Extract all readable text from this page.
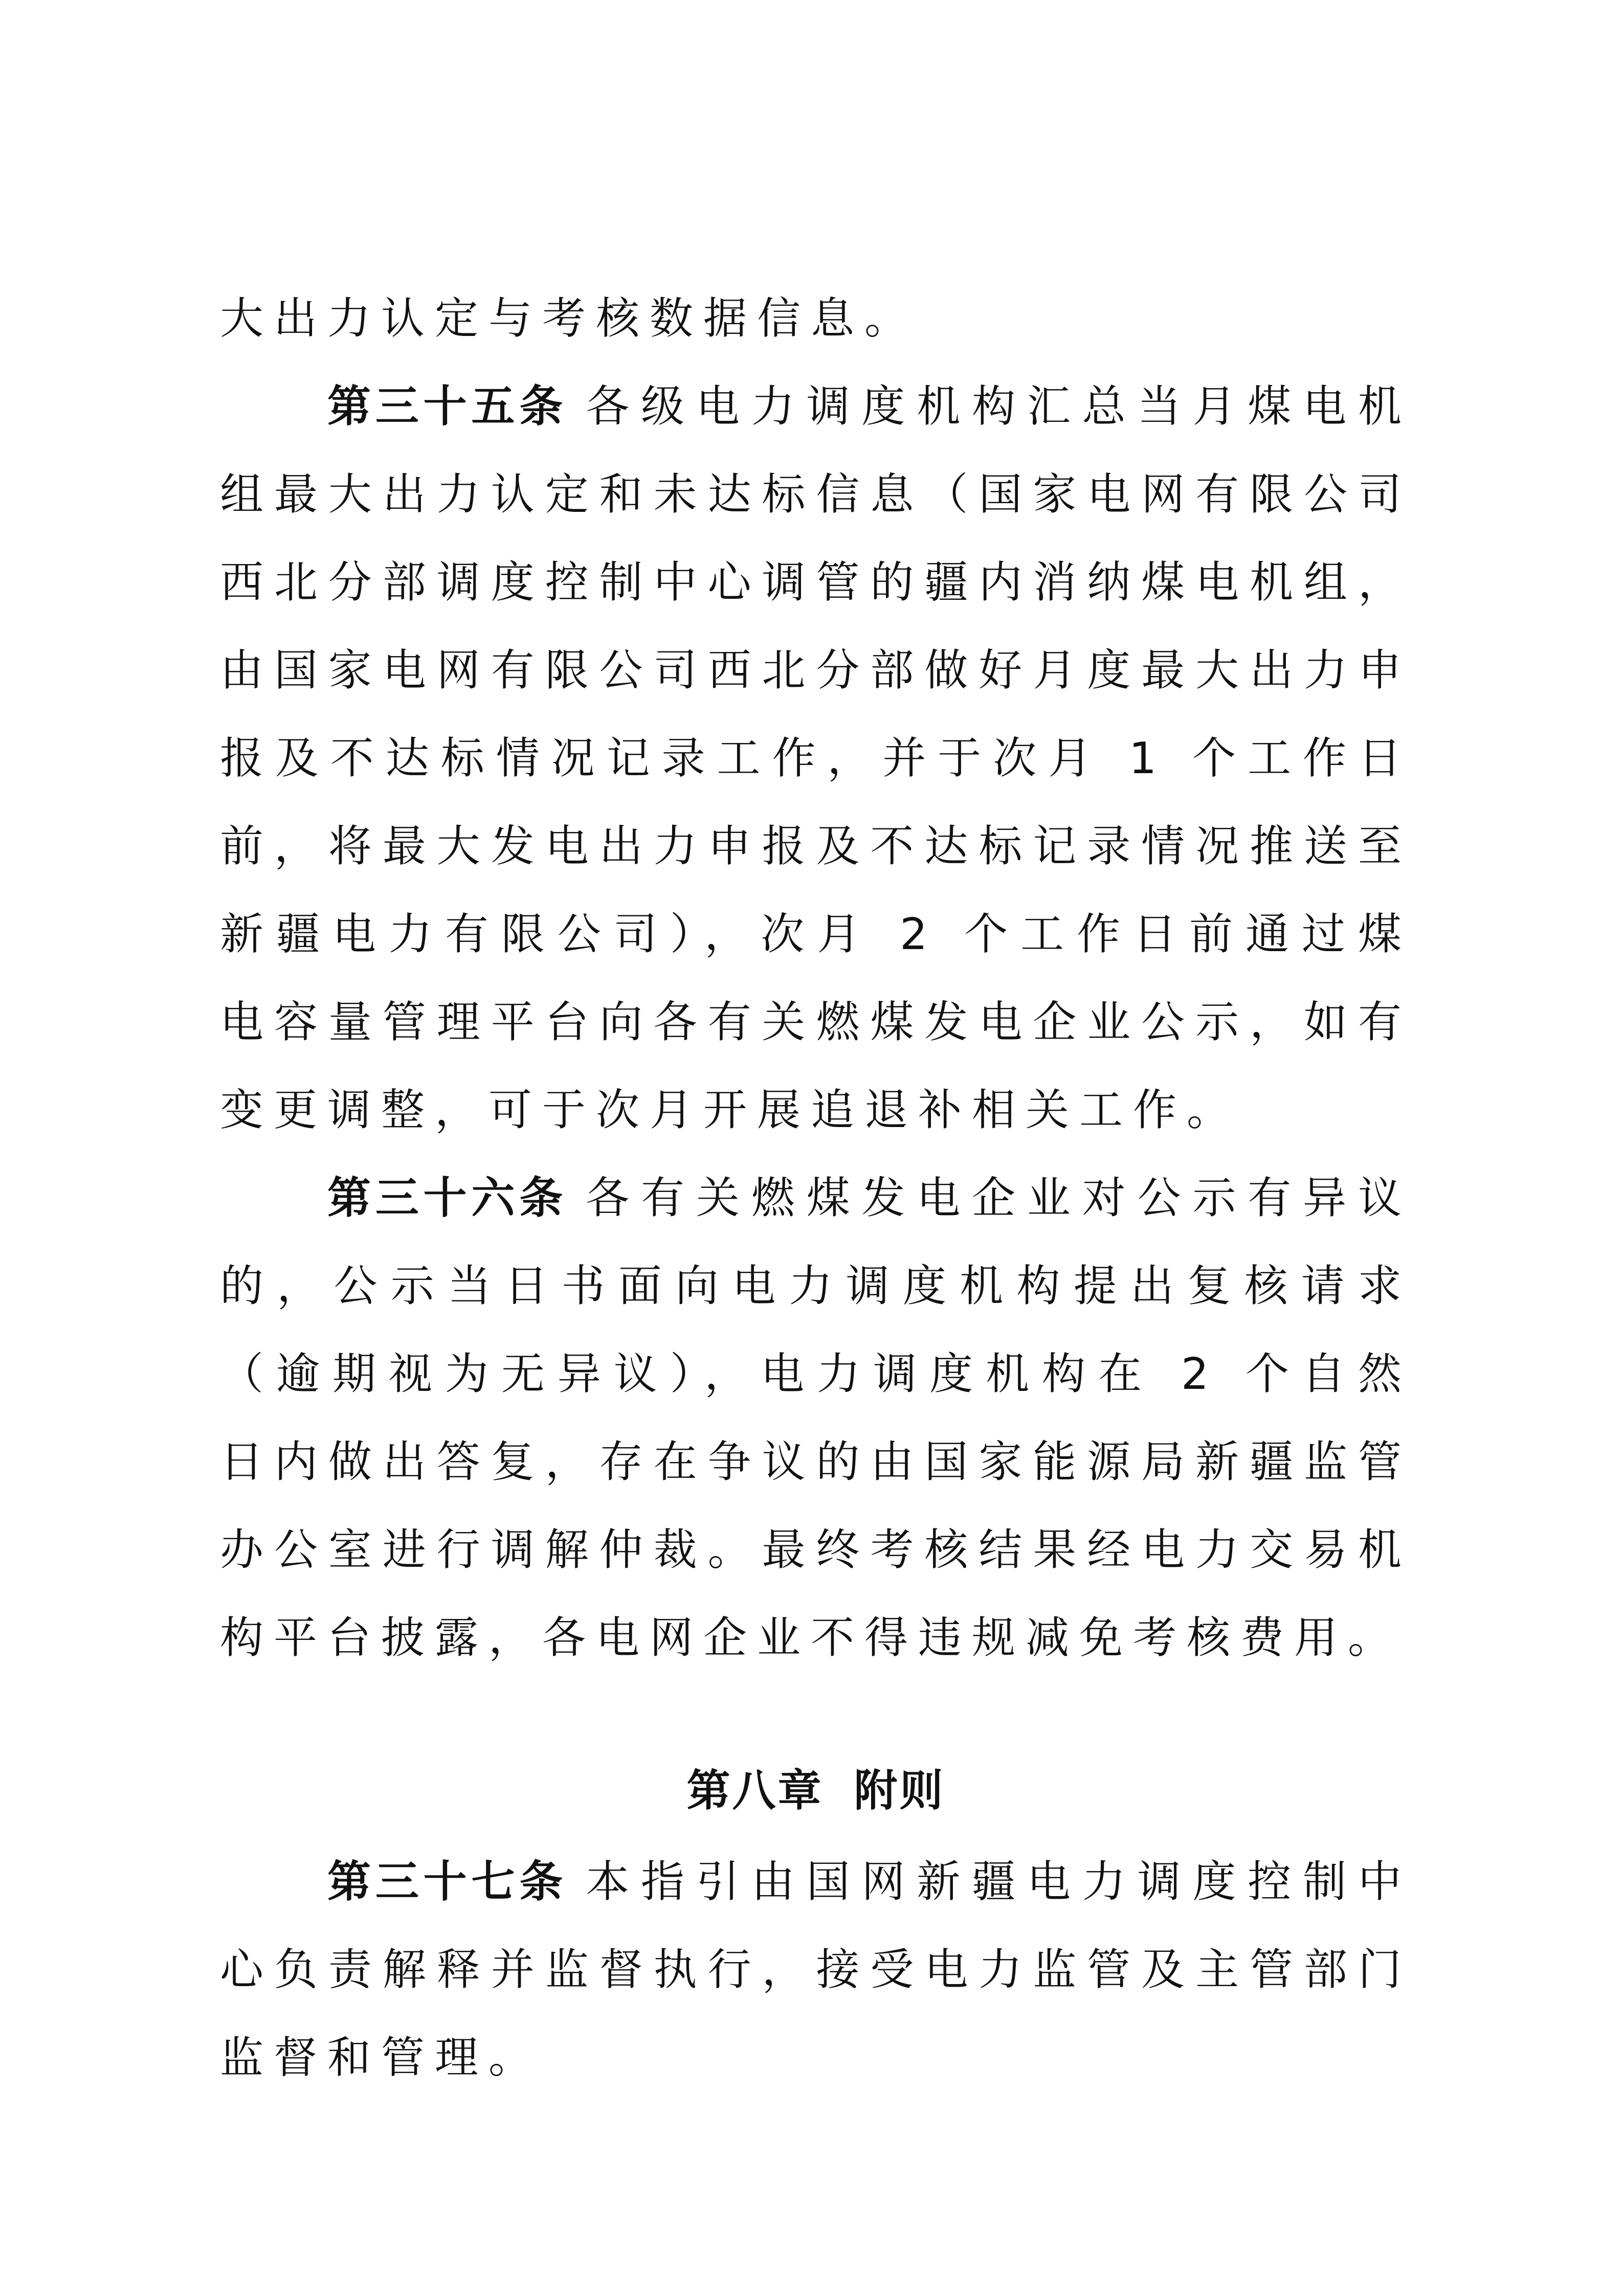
大出力认定与考核数据信息。

第三十五条 各级电力调度机构汇总当月煤电机组最大出力认定和未达标信息（国家电网有限公司西北分部调度控制中心调管的疆内消纳煤电机组，由国家电网有限公司西北分部做好月度最大出力申报及不达标情况记录工作，并于次月 1 个工作日前，将最大发电出力申报及不达标记录情况推送至新疆电力有限公司），次月 2 个工作日前通过煤电容量管理平台向各有关燃煤发电企业公示，如有变更调整，可于次月开展追退补相关工作。

第三十六条 各有关燃煤发电企业对公示有异议的，公示当日书面向电力调度机构提出复核请求（逾期视为无异议），电力调度机构在 2 个自然日内做出答复，存在争议的由国家能源局新疆监管办公室进行调解仲裁。最终考核结果经电力交易机构平台披露，各电网企业不得违规减免考核费用。

第八章 附则

第三十七条 本指引由国网新疆电力调度控制中心负责解释并监督执行，接受电力监管及主管部门监督和管理。
